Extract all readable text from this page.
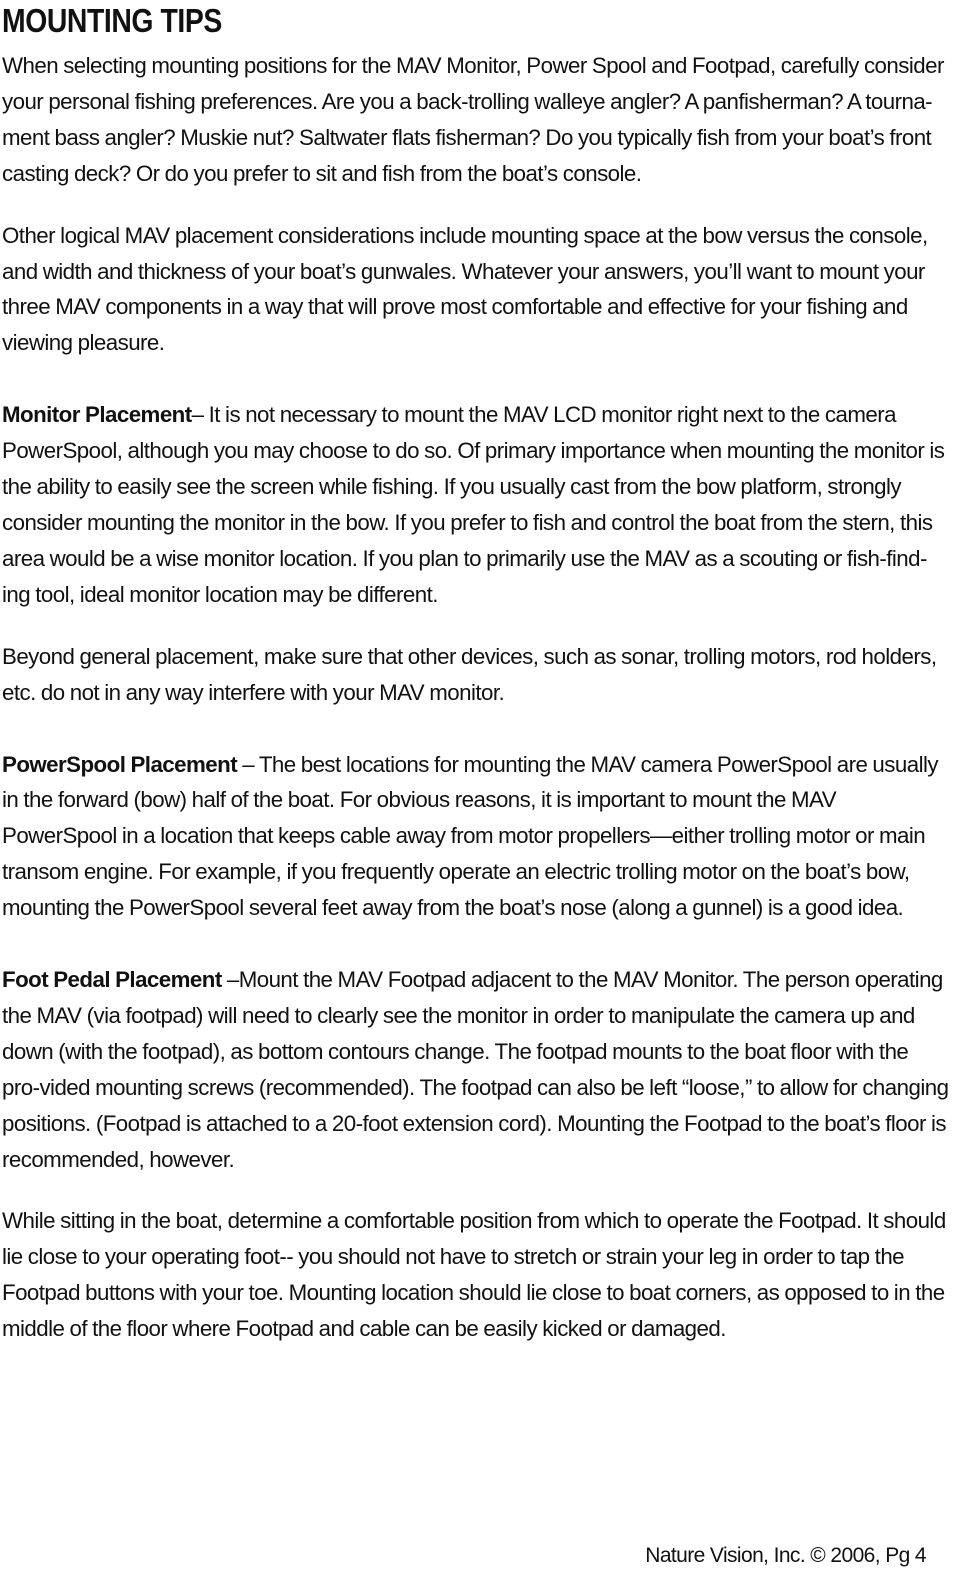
MOUNTING TIPS

When selecting mounting positions for the MAV Monitor, Power Spool and Footpad, carefully consider your personal fishing preferences. Are you a back-trolling walleye angler? A panfisherman? A tourna-ment bass angler? Muskie nut? Saltwater flats fisherman? Do you typically fish from your boat’s front casting deck? Or do you prefer to sit and fish from the boat’s console.

Other logical MAV placement considerations include mounting space at the bow versus the console, and width and thickness of your boat’s gunwales. Whatever your answers, you’ll want to mount your three MAV components in a way that will prove most comfortable and effective for your fishing and viewing pleasure.

Monitor Placement– It is not necessary to mount the MAV LCD monitor right next to the camera PowerSpool, although you may choose to do so. Of primary importance when mounting the monitor is the ability to easily see the screen while fishing. If you usually cast from the bow platform, strongly consider mounting the monitor in the bow. If you prefer to fish and control the boat from the stern, this area would be a wise monitor location. If you plan to primarily use the MAV as a scouting or fish-find-ing tool, ideal monitor location may be different.

Beyond general placement, make sure that other devices, such as sonar, trolling motors, rod holders, etc. do not in any way interfere with your MAV monitor.

PowerSpool Placement – The best locations for mounting the MAV camera PowerSpool are usually in the forward (bow) half of the boat. For obvious reasons, it is important to mount the MAV PowerSpool in a location that keeps cable away from motor propellers—either trolling motor or main transom engine. For example, if you frequently operate an electric trolling motor on the boat’s bow, mounting the PowerSpool several feet away from the boat’s nose (along a gunnel) is a good idea.

Foot Pedal Placement –Mount the MAV Footpad adjacent to the MAV Monitor. The person operating the MAV (via footpad) will need to clearly see the monitor in order to manipulate the camera up and down (with the footpad), as bottom contours change. The footpad mounts to the boat floor with the pro-vided mounting screws (recommended). The footpad can also be left “loose,” to allow for changing positions. (Footpad is attached to a 20-foot extension cord). Mounting the Footpad to the boat’s floor is recommended, however.

While sitting in the boat, determine a comfortable position from which to operate the Footpad. It should lie close to your operating foot-- you should not have to stretch or strain your leg in order to tap the Footpad buttons with your toe. Mounting location should lie close to boat corners, as opposed to in the middle of the floor where Footpad and cable can be easily kicked or damaged.

Nature Vision, Inc. © 2006, Pg 4
